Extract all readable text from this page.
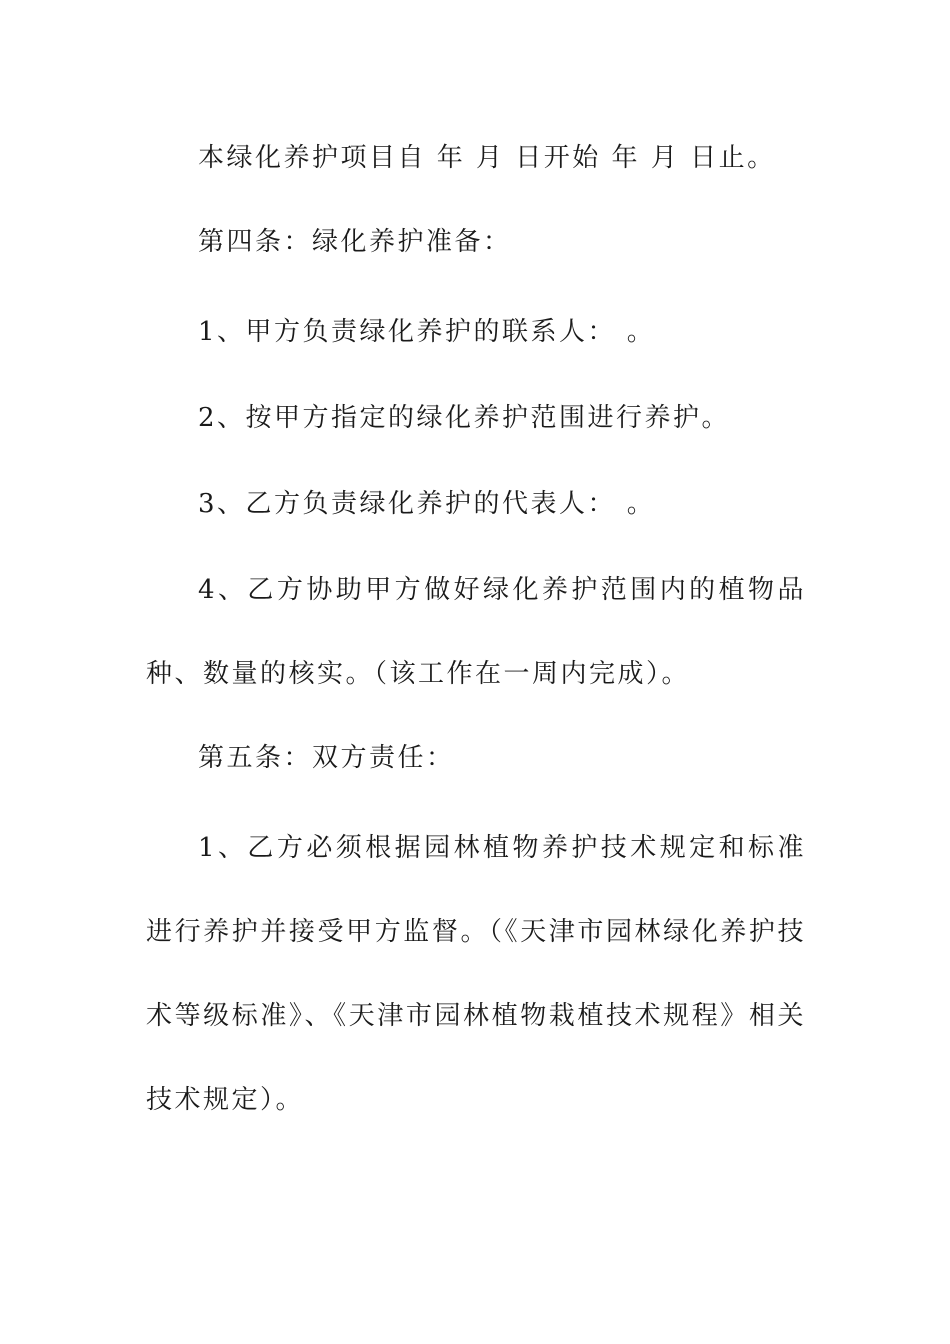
本绿化养护项目自 年 月 日开始 年 月 日止。

第四条：绿化养护准备：

1、甲方负责绿化养护的联系人： 。

2、按甲方指定的绿化养护范围进行养护。

3、乙方负责绿化养护的代表人： 。

4、乙方协助甲方做好绿化养护范围内的植物品种、数量的核实。（该工作在一周内完成）。

第五条：双方责任：

1、乙方必须根据园林植物养护技术规定和标准进行养护并接受甲方监督。（《天津市园林绿化养护技术等级标准》、《天津市园林植物栽植技术规程》相关技术规定）。
